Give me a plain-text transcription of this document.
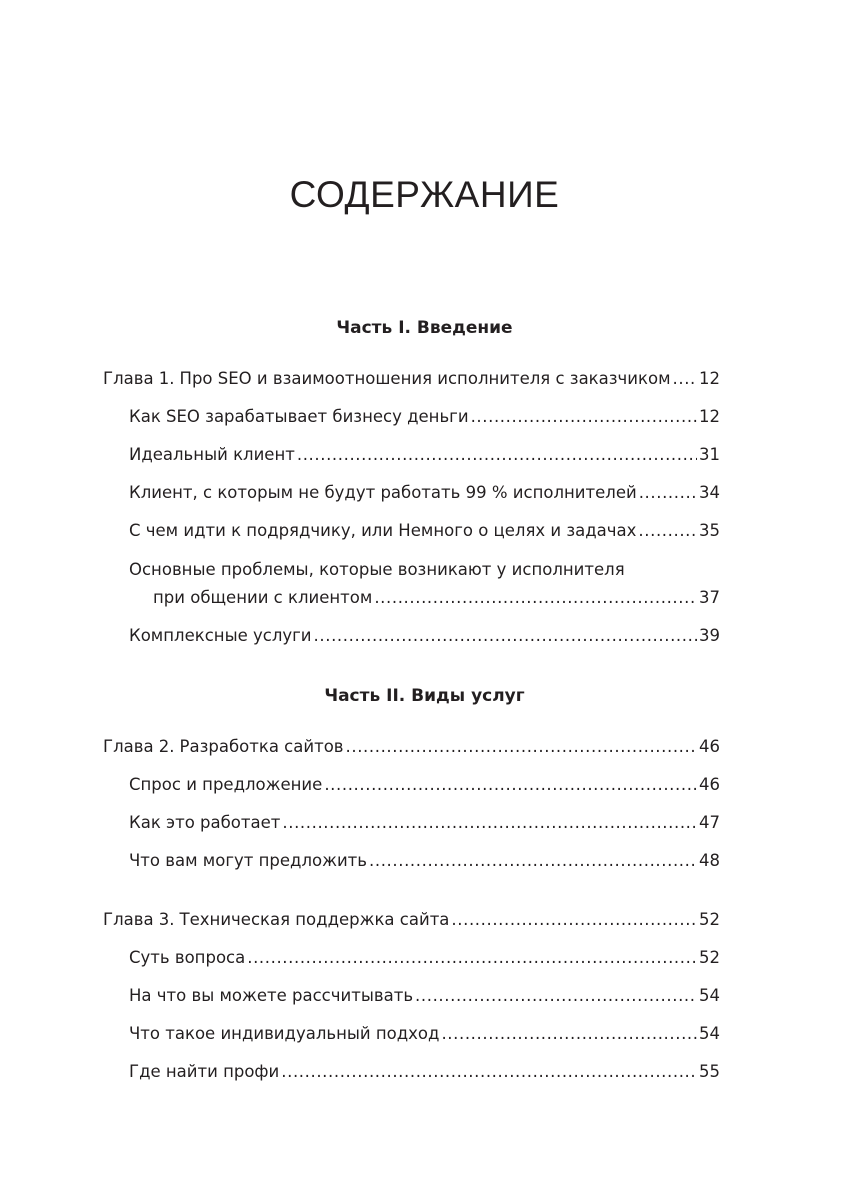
СОДЕРЖАНИЕ
Часть I. Введение
Глава 1. Про SEO и взаимоотношения исполнителя с заказчиком ..... 12
Как SEO зарабатывает бизнесу деньги .....	12
Идеальный клиент .....	31
Клиент, с которым не будут работать 99 % исполнителей .....	34
С чем идти к подрядчику, или Немного о целях и задачах .....	35
Основные проблемы, которые возникают у исполнителя
при общении с клиентом .....	37
Комплексные услуги .....	39
Часть II. Виды услуг
Глава 2. Разработка сайтов .....	46
Спрос и предложение .....	46
Как это работает .....	47
Что вам могут предложить .....	48
Глава 3. Техническая поддержка сайта .....	52
Суть вопроса .....	52
На что вы можете рассчитывать .....	54
Что такое индивидуальный подход .....	54
Где найти профи .....	55
